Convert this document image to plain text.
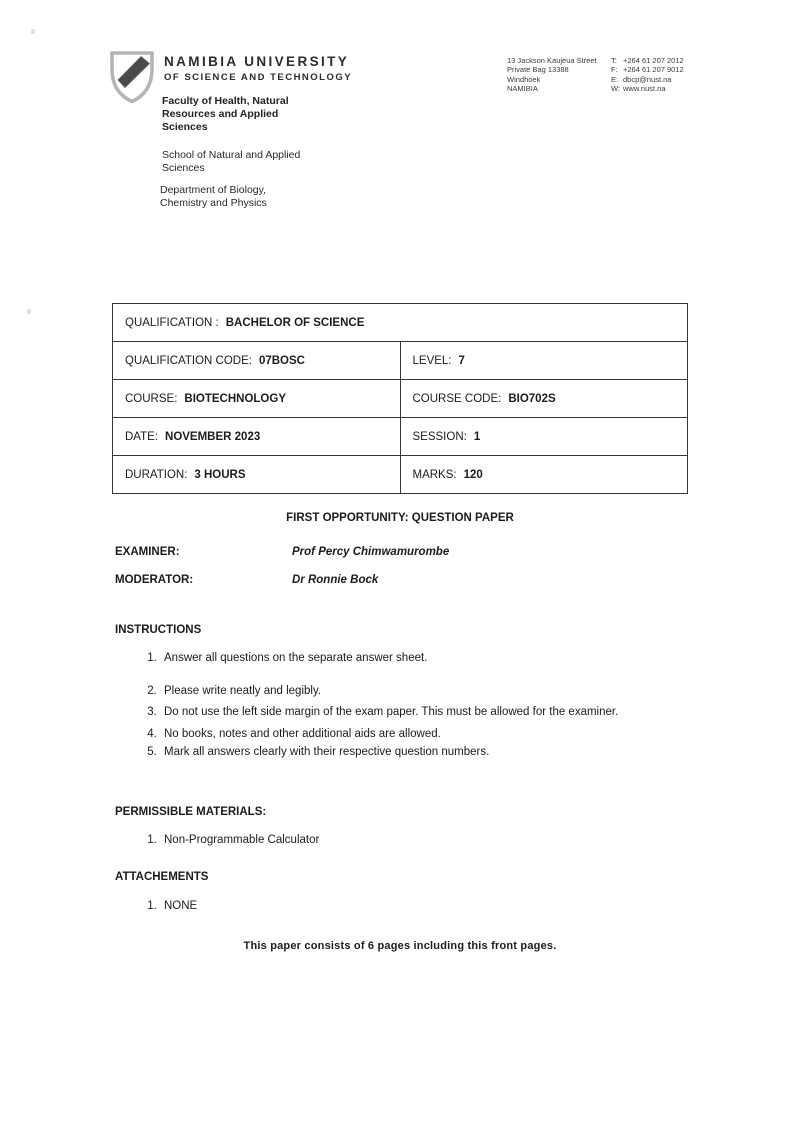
NAMIBIA UNIVERSITY
OF SCIENCE AND TECHNOLOGY
Faculty of Health, Natural Resources and Applied Sciences
School of Natural and Applied Sciences
Department of Biology, Chemistry and Physics
13 Jackson Kaujeua Street
Private Bag 13388
Windhoek
NAMIBIA
T: +264 61 207 2012
F: +264 61 207 9012
E: dbcp@nust.na
W: www.nust.na
QUALIFICATION : BACHELOR OF SCIENCE	
QUALIFICATION CODE: 07BOSC	LEVEL: 7
COURSE: BIOTECHNOLOGY	COURSE CODE: BIO702S
DATE: NOVEMBER 2023	SESSION: 1
DURATION: 3 HOURS	MARKS: 120
FIRST OPPORTUNITY: QUESTION PAPER
EXAMINER:	Prof Percy Chimwamurombe
MODERATOR:	Dr Ronnie Bock
INSTRUCTIONS
1. Answer all questions on the separate answer sheet.
2. Please write neatly and legibly.
3. Do not use the left side margin of the exam paper. This must be allowed for the examiner.
4. No books, notes and other additional aids are allowed.
5. Mark all answers clearly with their respective question numbers.
PERMISSIBLE MATERIALS:
1. Non-Programmable Calculator
ATTACHEMENTS
1. NONE
This paper consists of 6 pages including this front pages.
